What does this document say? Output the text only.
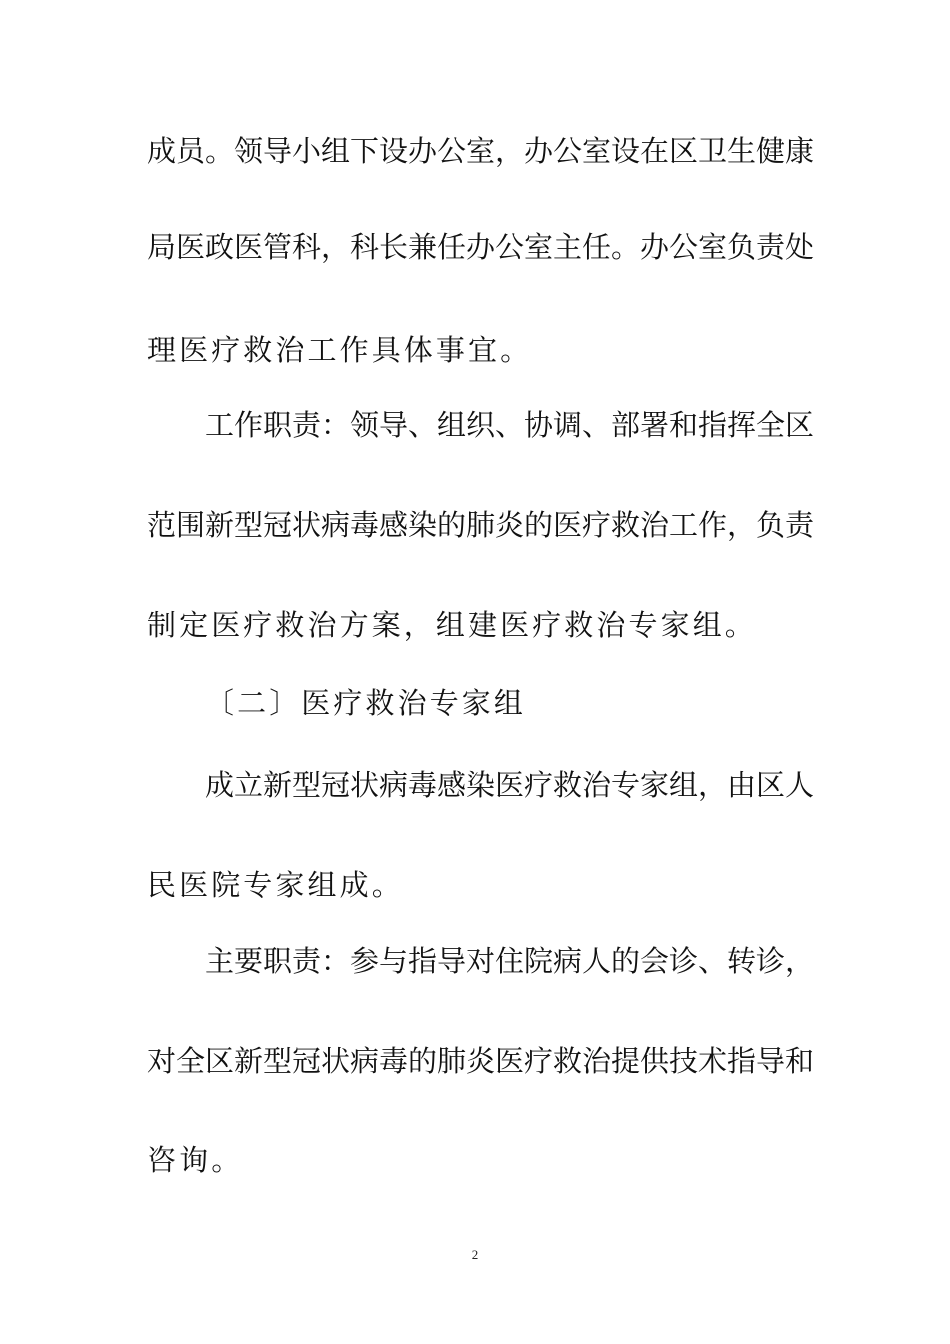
成员。领导小组下设办公室，办公室设在区卫生健康
局医政医管科，科长兼任办公室主任。办公室负责处
理医疗救治工作具体事宜。
工作职责：领导、组织、协调、部署和指挥全区
范围新型冠状病毒感染的肺炎的医疗救治工作，负责
制定医疗救治方案，组建医疗救治专家组。
〔二〕医疗救治专家组
成立新型冠状病毒感染医疗救治专家组，由区人
民医院专家组成。
主要职责：参与指导对住院病人的会诊、转诊，
对全区新型冠状病毒的肺炎医疗救治提供技术指导和
咨询。
2
